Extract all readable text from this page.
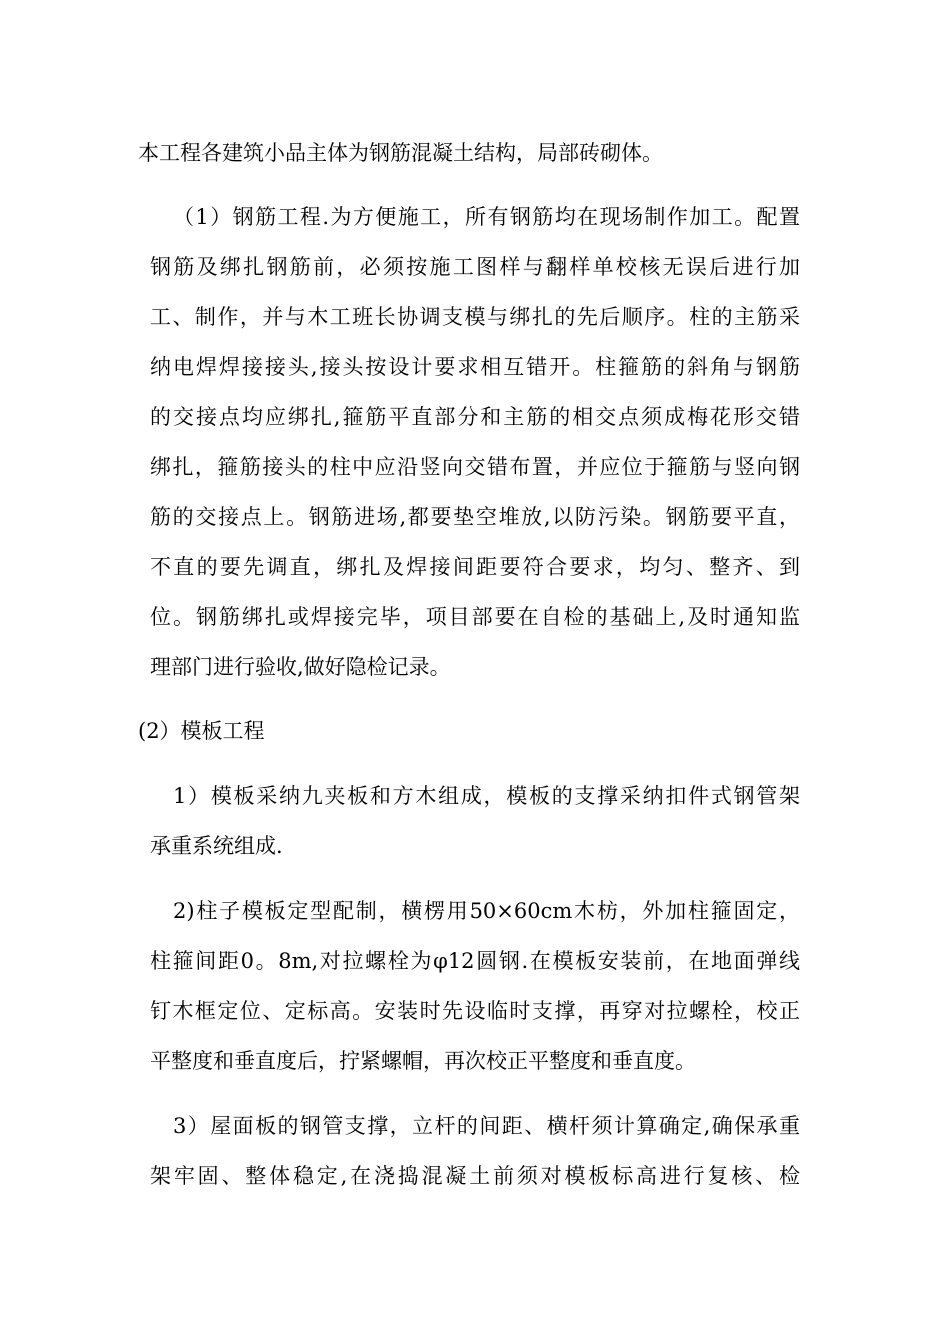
本工程各建筑小品主体为钢筋混凝土结构，局部砖砌体。
（1）钢筋工程.为方便施工，所有钢筋均在现场制作加工。配置
钢筋及绑扎钢筋前，必须按施工图样与翻样单校核无误后进行加
工、制作，并与木工班长协调支模与绑扎的先后顺序。柱的主筋采
纳电焊焊接接头,接头按设计要求相互错开。柱箍筋的斜角与钢筋
的交接点均应绑扎,箍筋平直部分和主筋的相交点须成梅花形交错
绑扎，箍筋接头的柱中应沿竖向交错布置，并应位于箍筋与竖向钢
筋的交接点上。钢筋进场,都要垫空堆放,以防污染。钢筋要平直，
不直的要先调直，绑扎及焊接间距要符合要求，均匀、整齐、到
位。钢筋绑扎或焊接完毕，项目部要在自检的基础上,及时通知监
理部门进行验收,做好隐检记录。
(2）模板工程
1）模板采纳九夹板和方木组成，模板的支撑采纳扣件式钢管架
承重系统组成.
2)柱子模板定型配制，横楞用50×60cm木枋，外加柱箍固定，
柱箍间距0。8m,对拉螺栓为φ12圆钢.在模板安装前，在地面弹线
钉木框定位、定标高。安装时先设临时支撑，再穿对拉螺栓，校正
平整度和垂直度后，拧紧螺帽，再次校正平整度和垂直度。
3）屋面板的钢管支撑，立杆的间距、横杆须计算确定,确保承重
架牢固、整体稳定,在浇捣混凝土前须对模板标高进行复核、检
